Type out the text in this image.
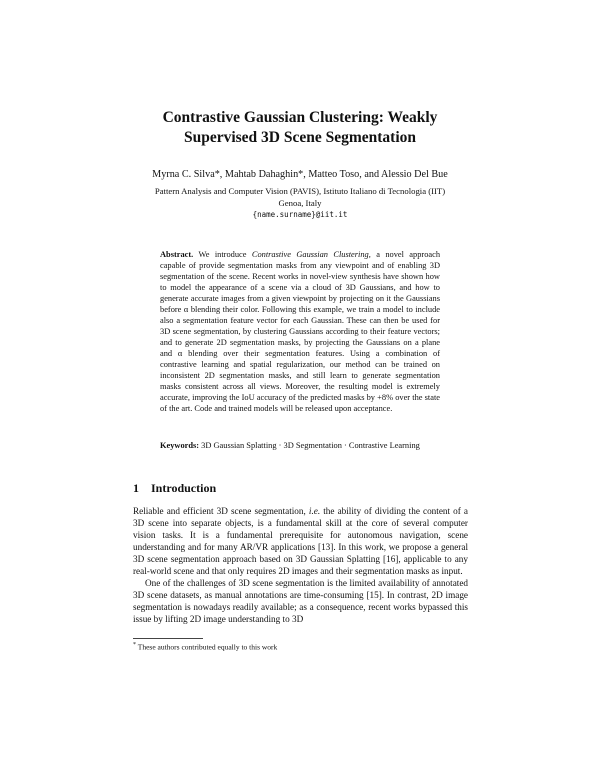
Contrastive Gaussian Clustering: Weakly
Supervised 3D Scene Segmentation
Myrna C. Silva*, Mahtab Dahaghin*, Matteo Toso, and Alessio Del Bue
Pattern Analysis and Computer Vision (PAVIS), Istituto Italiano di Tecnologia (IIT)
Genoa, Italy
{name.surname}@iit.it
Abstract. We introduce Contrastive Gaussian Clustering, a novel approach capable of provide segmentation masks from any viewpoint and of enabling 3D segmentation of the scene. Recent works in novel-view synthesis have shown how to model the appearance of a scene via a cloud of 3D Gaussians, and how to generate accurate images from a given viewpoint by projecting on it the Gaussians before α blending their color. Following this example, we train a model to include also a segmentation feature vector for each Gaussian. These can then be used for 3D scene segmentation, by clustering Gaussians according to their feature vectors; and to generate 2D segmentation masks, by projecting the Gaussians on a plane and α blending over their segmentation features. Using a combination of contrastive learning and spatial regularization, our method can be trained on inconsistent 2D segmentation masks, and still learn to generate segmentation masks consistent across all views. Moreover, the resulting model is extremely accurate, improving the IoU accuracy of the predicted masks by +8% over the state of the art. Code and trained models will be released upon acceptance.
Keywords: 3D Gaussian Splatting · 3D Segmentation · Contrastive Learning
1 Introduction

Reliable and efficient 3D scene segmentation, i.e. the ability of dividing the content of a 3D scene into separate objects, is a fundamental skill at the core of several computer vision tasks. It is a fundamental prerequisite for autonomous navigation, scene understanding and for many AR/VR applications [13]. In this work, we propose a general 3D scene segmentation approach based on 3D Gaussian Splatting [16], applicable to any real-world scene and that only requires 2D images and their segmentation masks as input.

One of the challenges of 3D scene segmentation is the limited availability of annotated 3D scene datasets, as manual annotations are time-consuming [15]. In contrast, 2D image segmentation is nowadays readily available; as a consequence, recent works bypassed this issue by lifting 2D image understanding to 3D

* These authors contributed equally to this work
